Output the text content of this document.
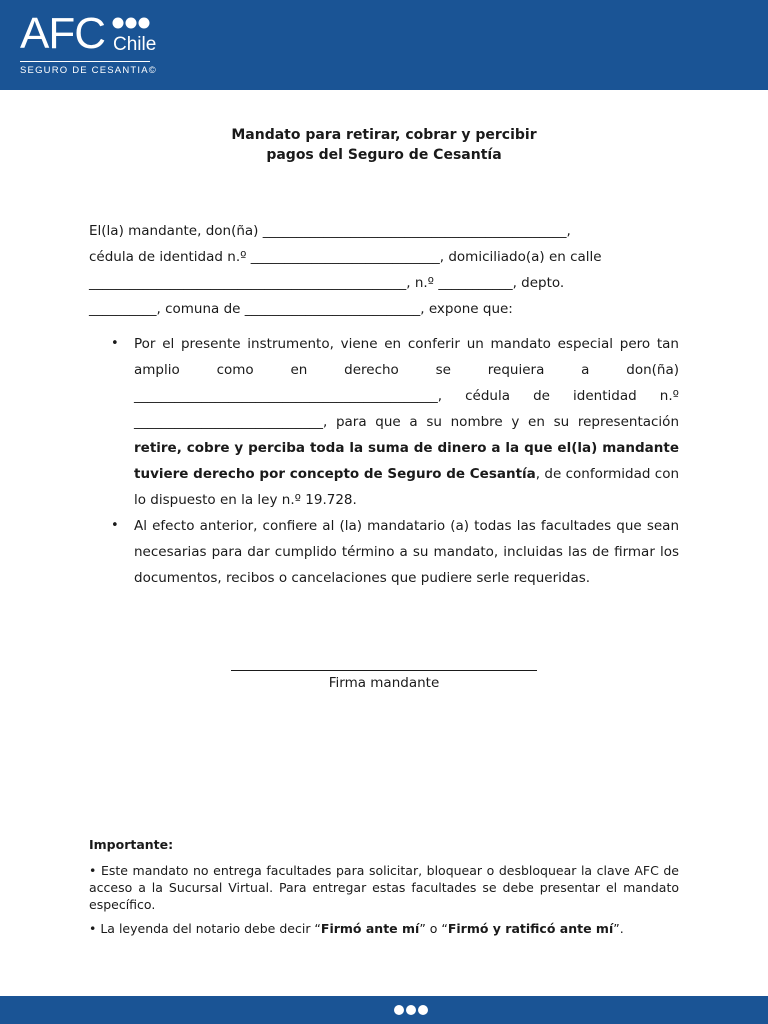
AFC Chile
SEGURO DE CESANTIA©
Mandato para retirar, cobrar y percibir
pagos del Seguro de Cesantía
El(la) mandante, don(ña) _____________________________________________,
cédula de identidad n.º ____________________________, domiciliado(a) en calle
_______________________________________________, n.º ___________, depto.
__________, comuna de __________________________, expone que:
• Por el presente instrumento, viene en conferir un mandato especial pero tan amplio como en derecho se requiera a don(ña) _____________________________________________, cédula de identidad n.º ____________________________, para que a su nombre y en su representación retire, cobre y perciba toda la suma de dinero a la que el(la) mandante tuviere derecho por concepto de Seguro de Cesantía, de conformidad con lo dispuesto en la ley n.º 19.728.
• Al efecto anterior, confiere al (la) mandatario (a) todas las facultades que sean necesarias para dar cumplido término a su mandato, incluidas las de firmar los documentos, recibos o cancelaciones que pudiere serle requeridas.
Firma mandante
Importante:

• Este mandato no entrega facultades para solicitar, bloquear o desbloquear la clave AFC de acceso a la Sucursal Virtual. Para entregar estas facultades se debe presentar el mandato específico.

• La leyenda del notario debe decir “Firmó ante mí” o “Firmó y ratificó ante mí”.
